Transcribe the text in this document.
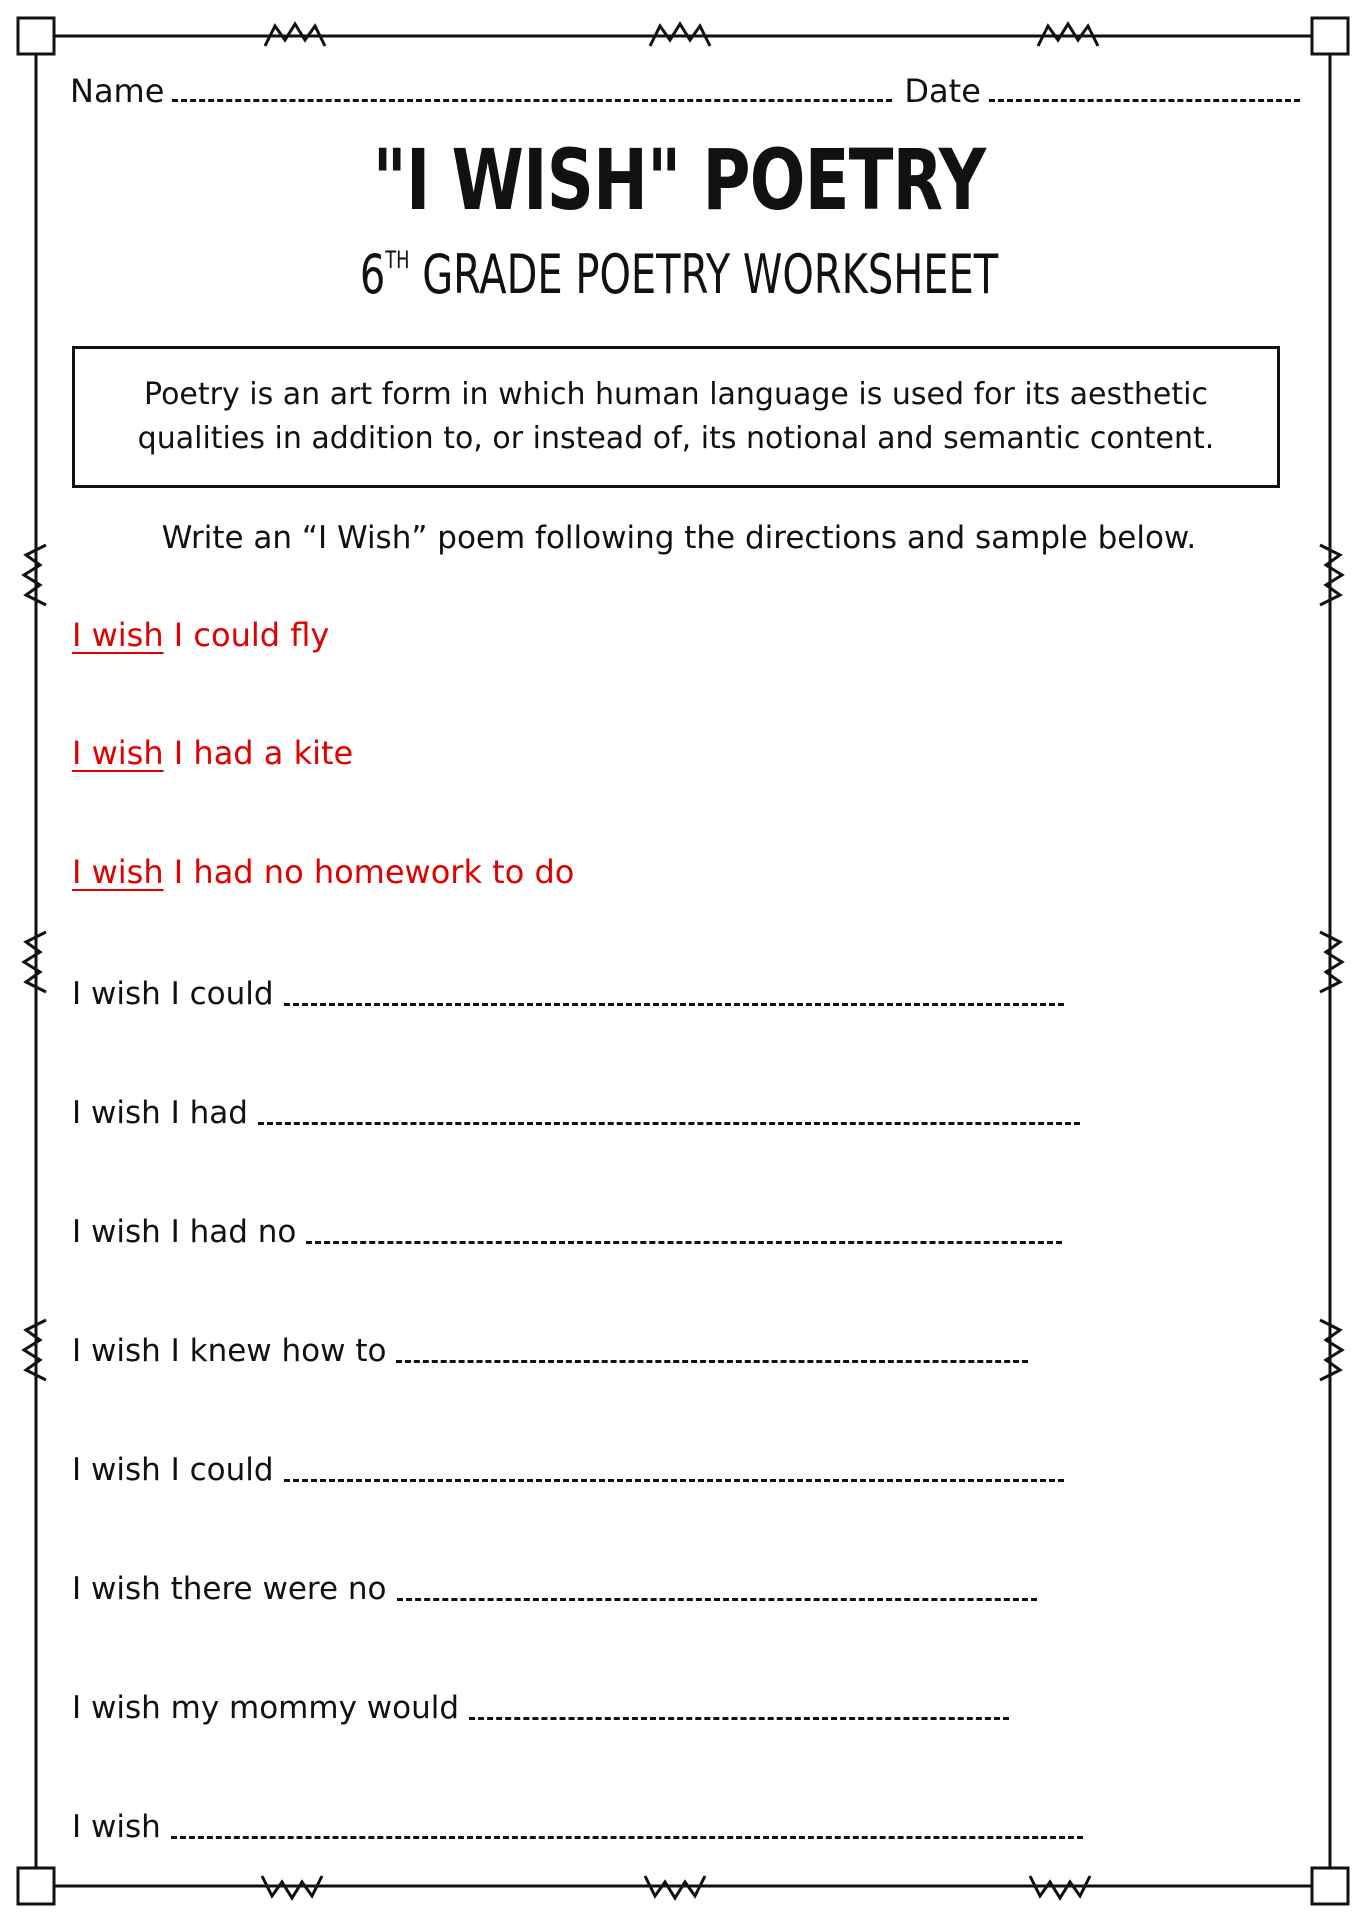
Name	Date
"I WISH" POETRY
6TH GRADE POETRY WORKSHEET
Poetry is an art form in which human language is used for its aesthetic qualities in addition to, or instead of, its notional and semantic content.
Write an “I Wish” poem following the directions and sample below.
I wish I could fly
I wish I had a kite
I wish I had no homework to do
I wish I could
I wish I had
I wish I had no
I wish I knew how to
I wish I could
I wish there were no
I wish my mommy would
I wish
